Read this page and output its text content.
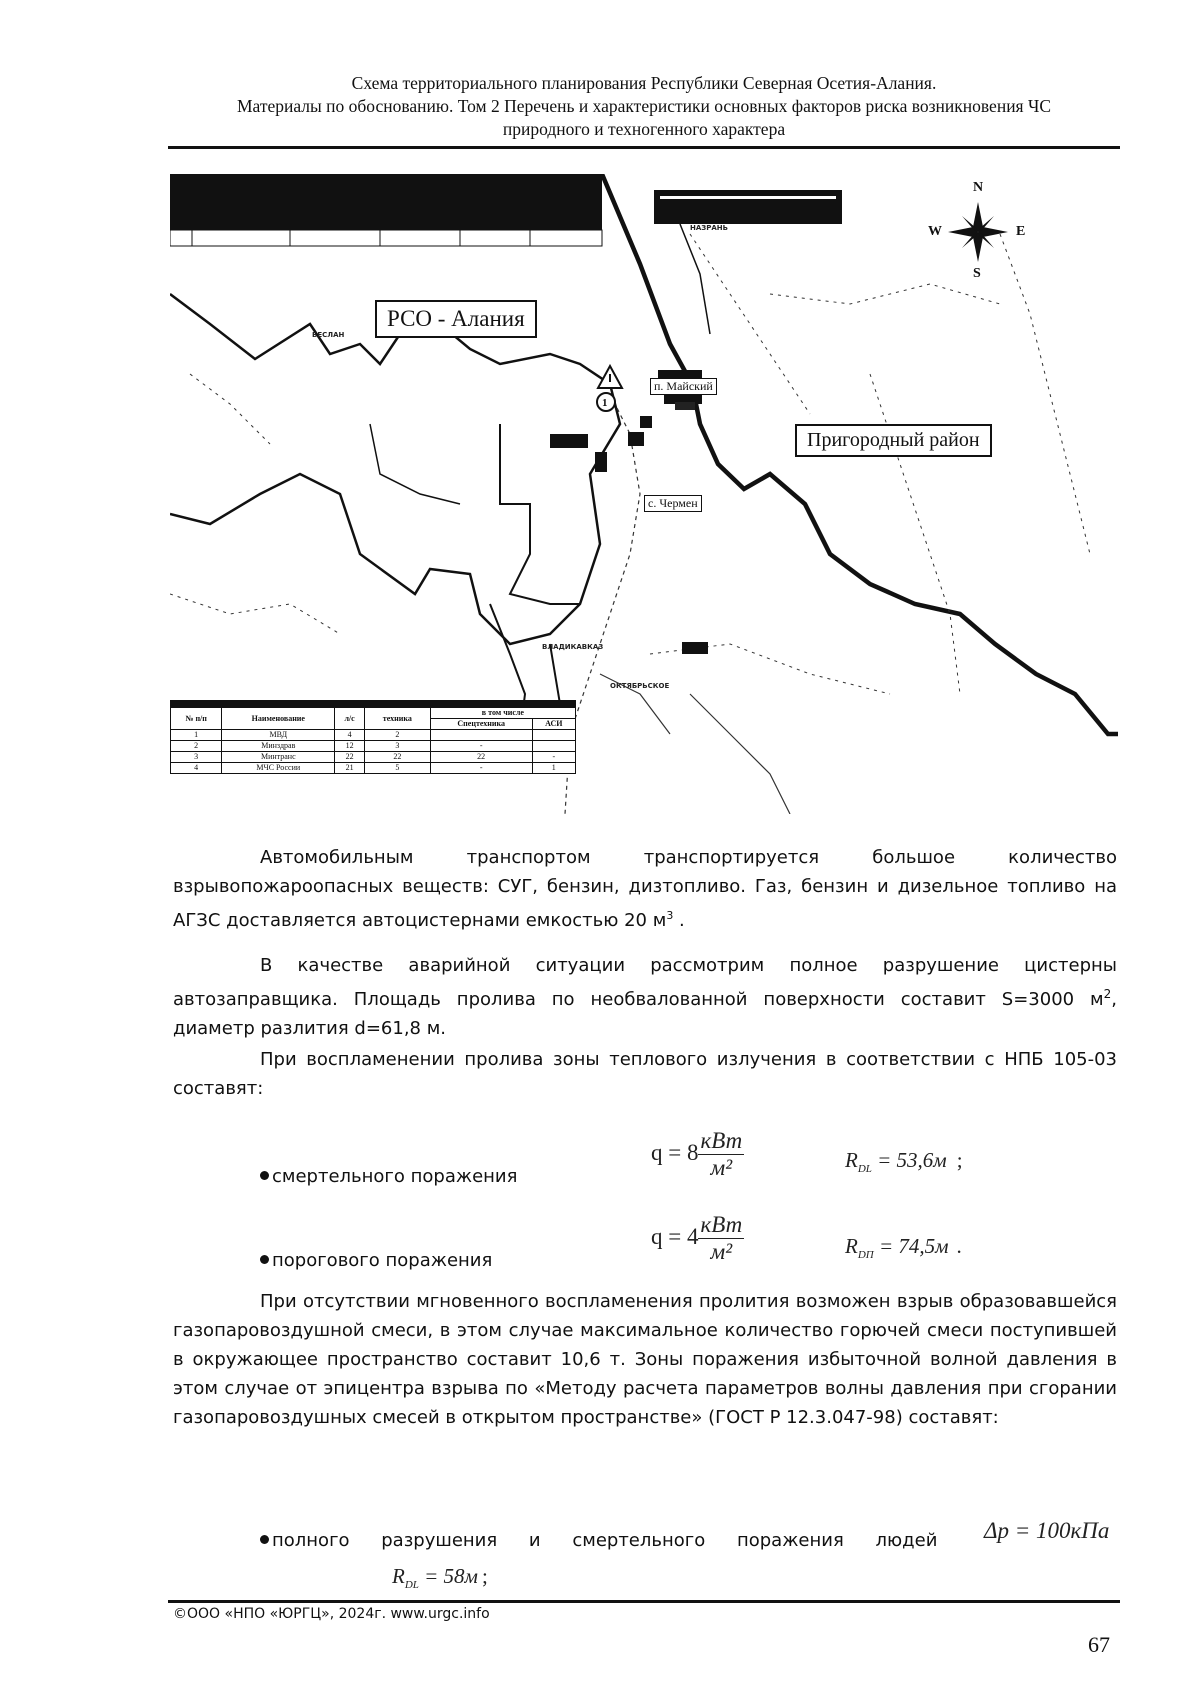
Схема территориального планирования Республики Северная Осетия-Алания.
Материалы по обоснованию. Том 2 Перечень и характеристики основных факторов риска возникновения ЧС
природного и техногенного характера
1
N
S
W	E
НАЗРАНЬ
БЕСЛАН
ВЛАДИКАВКАЗ
ОКТЯБРЬСКОЕ
РСО - Алания
Пригородный район
п. Майский
с. Чермен

№ п/п	Наименование	л/с	техника	в том числе	
				Спецтехника	АСИ
1	МВД	4	2		
2	Минздрав	12	3	-	
3	Минтранс	22	22	22	-
4	МЧС России	21	5	-	1

Автомобильным транспортом транспортируется большое количество взрывопожароопасных веществ: СУГ, бензин, дизтопливо. Газ, бензин и дизельное топливо на АГЗС доставляется автоцистернами емкостью 20 $м^3$ .

В качестве аварийной ситуации рассмотрим полное разрушение цистерны автозаправщика. Площадь пролива по необвалованной поверхности составит S=3000 $м^2$, диаметр разлития d=61,8 м.

При воспламенении пролива зоны теплового излучения в соответствии с НПБ 105-03 составят:

смертельного поражения
$q = 8 \frac{\text{кВт}}{\text{м²}}$	$R_{DL} = 53,6м$ ;
порогового поражения
$q = 4 \frac{\text{кВт}}{\text{м²}}$	$R_{DП} = 74,5м$ .

При отсутствии мгновенного воспламенения пролития возможен взрыв образовавшейся газопаровоздушной смеси, в этом случае максимальное количество горючей смеси поступившей в окружающее пространство составит 10,6 т. Зоны поражения избыточной волной давления в этом случае от эпицентра взрыва по «Методу расчета параметров волны давления при сгорании газопаровоздушных смесей в открытом пространстве» (ГОСТ Р 12.3.047-98) составят:

полного разрушения и смертельного поражения людей Δp = 100кПа
$R_{DL} = 58м$ ;
©ООО «НПО «ЮРГЦ», 2024г. www.urgc.info
67
